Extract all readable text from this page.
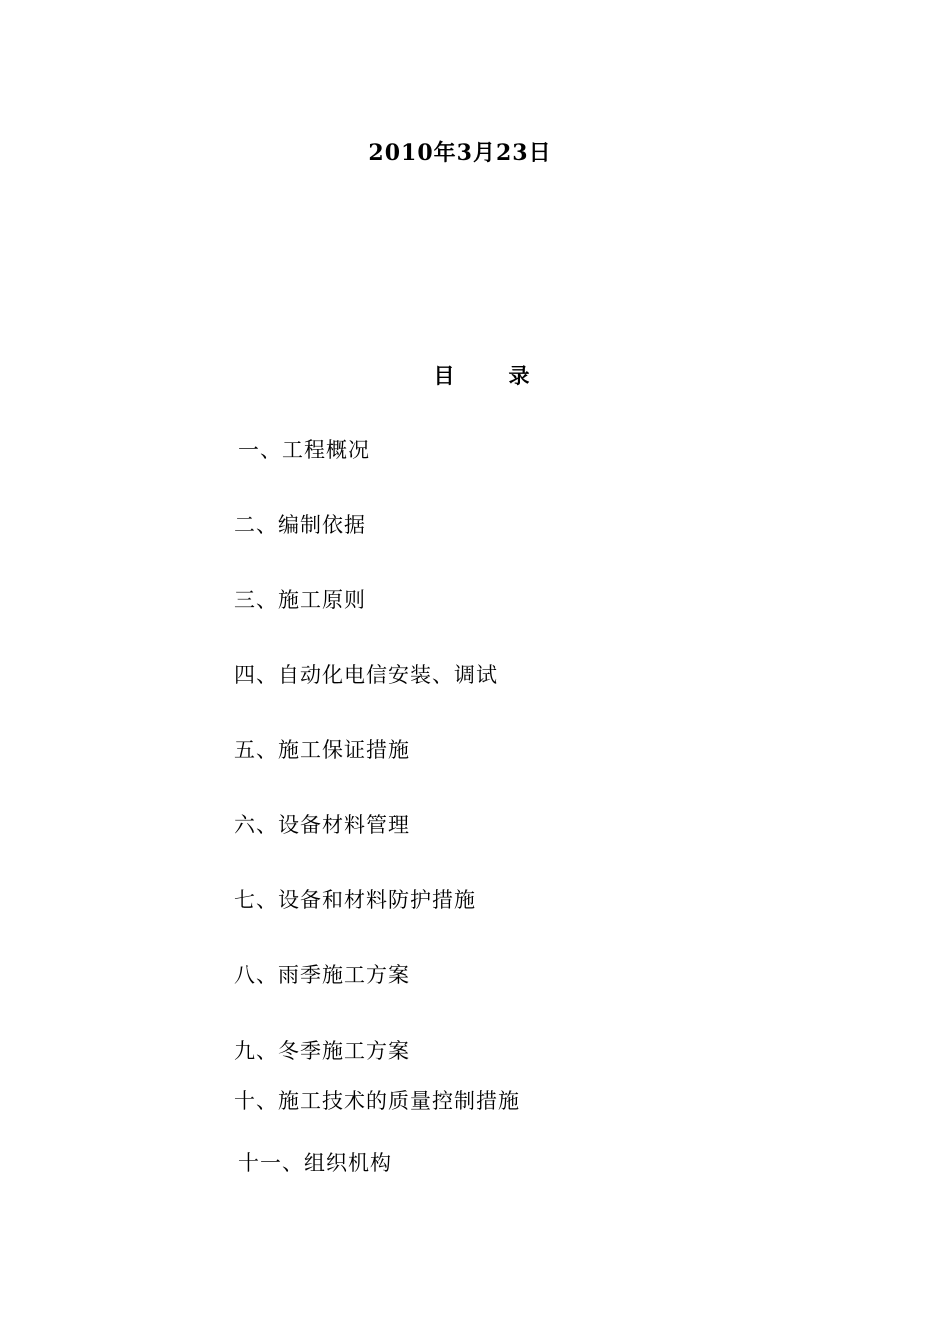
2010年3月23日
目 录
一、工程概况
二、编制依据
三、施工原则
四、自动化电信安装、调试
五、施工保证措施
六、设备材料管理
七、设备和材料防护措施
八、雨季施工方案
九、冬季施工方案
十、施工技术的质量控制措施
十一、组织机构
